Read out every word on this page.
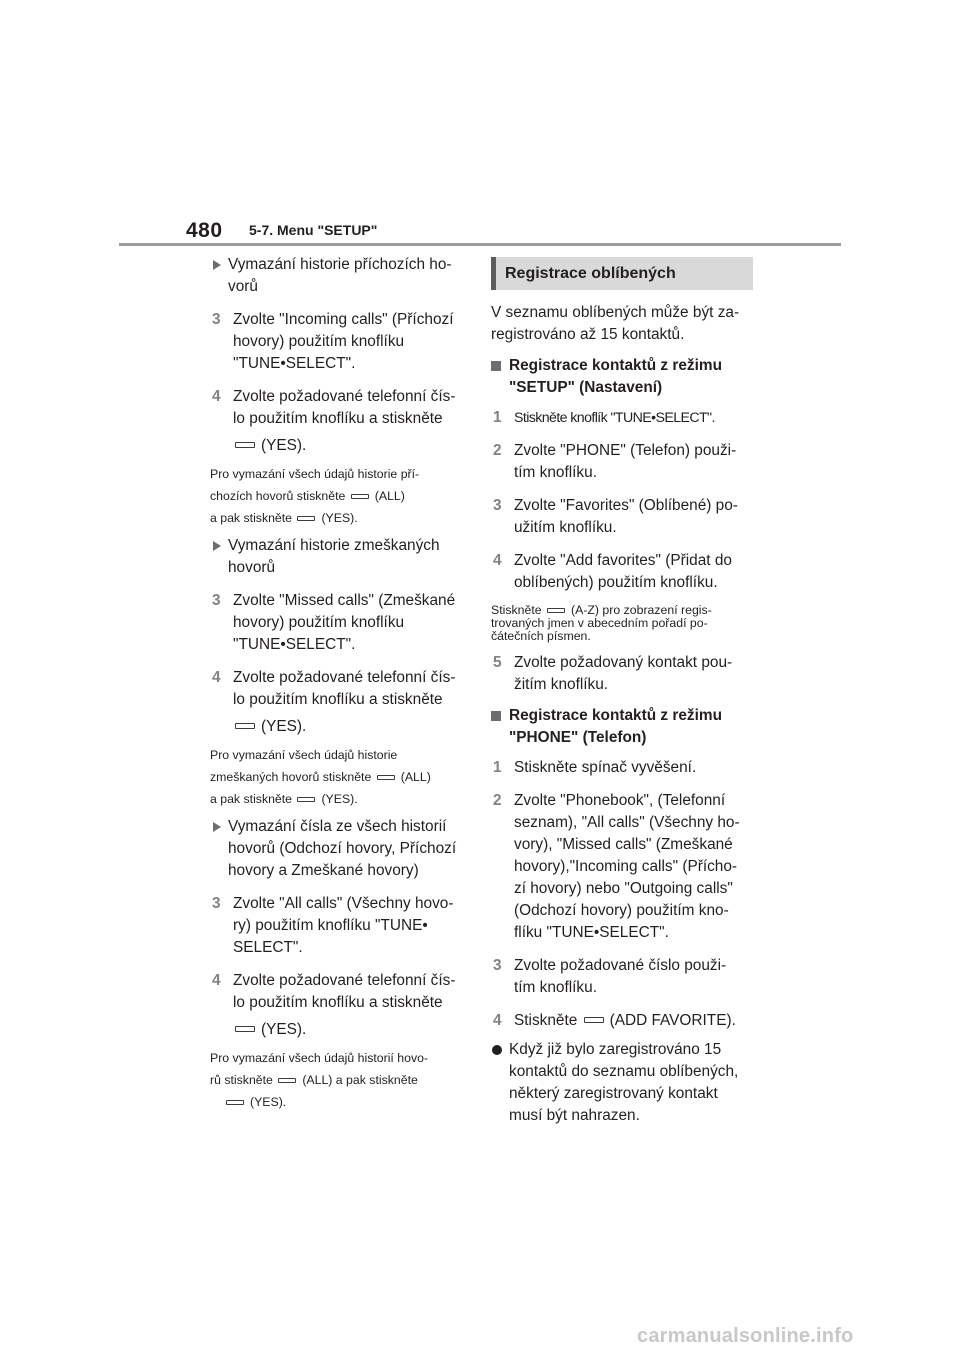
480 5-7. Menu "SETUP"
Vymazání historie příchozích ho-
vorů
3 Zvolte "Incoming calls" (Příchozí
hovory) použitím knoflíku
"TUNE•SELECT".
4 Zvolte požadované telefonní čís-
lo použitím knoflíku a stiskněte
(YES).
Pro vymazání všech údajů historie pří-
chozích hovorů stiskněte (ALL)
a pak stiskněte (YES).
Vymazání historie zmeškaných
hovorů
3 Zvolte "Missed calls" (Zmeškané
hovory) použitím knoflíku
"TUNE•SELECT".
4 Zvolte požadované telefonní čís-
lo použitím knoflíku a stiskněte
(YES).
Pro vymazání všech údajů historie
zmeškaných hovorů stiskněte (ALL)
a pak stiskněte (YES).
Vymazání čísla ze všech historií
hovorů (Odchozí hovory, Příchozí
hovory a Zmeškané hovory)
3 Zvolte "All calls" (Všechny hovo-
ry) použitím knoflíku "TUNE•
SELECT".
4 Zvolte požadované telefonní čís-
lo použitím knoflíku a stiskněte
(YES).
Pro vymazání všech údajů historií hovo-
rů stiskněte (ALL) a pak stiskněte
(YES).
Registrace oblíbených
V seznamu oblíbených může být za-
registrováno až 15 kontaktů.
Registrace kontaktů z režimu
"SETUP" (Nastavení)
1 Stiskněte knoflík "TUNE•SELECT".
2 Zvolte "PHONE" (Telefon) použi-
tím knoflíku.
3 Zvolte "Favorites" (Oblíbené) po-
užitím knoflíku.
4 Zvolte "Add favorites" (Přidat do
oblíbených) použitím knoflíku.
Stiskněte (A-Z) pro zobrazení regis-
trovaných jmen v abecedním pořadí po-
čátečních písmen.
5 Zvolte požadovaný kontakt pou-
žitím knoflíku.
Registrace kontaktů z režimu
"PHONE" (Telefon)
1 Stiskněte spínač vyvěšení.
2 Zvolte "Phonebook", (Telefonní
seznam), "All calls" (Všechny ho-
vory), "Missed calls" (Zmeškané
hovory),"Incoming calls" (Přícho-
zí hovory) nebo "Outgoing calls"
(Odchozí hovory) použitím kno-
flíku "TUNE•SELECT".
3 Zvolte požadované číslo použi-
tím knoflíku.
4 Stiskněte (ADD FAVORITE).
Když již bylo zaregistrováno 15
kontaktů do seznamu oblíbených,
některý zaregistrovaný kontakt
musí být nahrazen.
carmanualsonline.info
